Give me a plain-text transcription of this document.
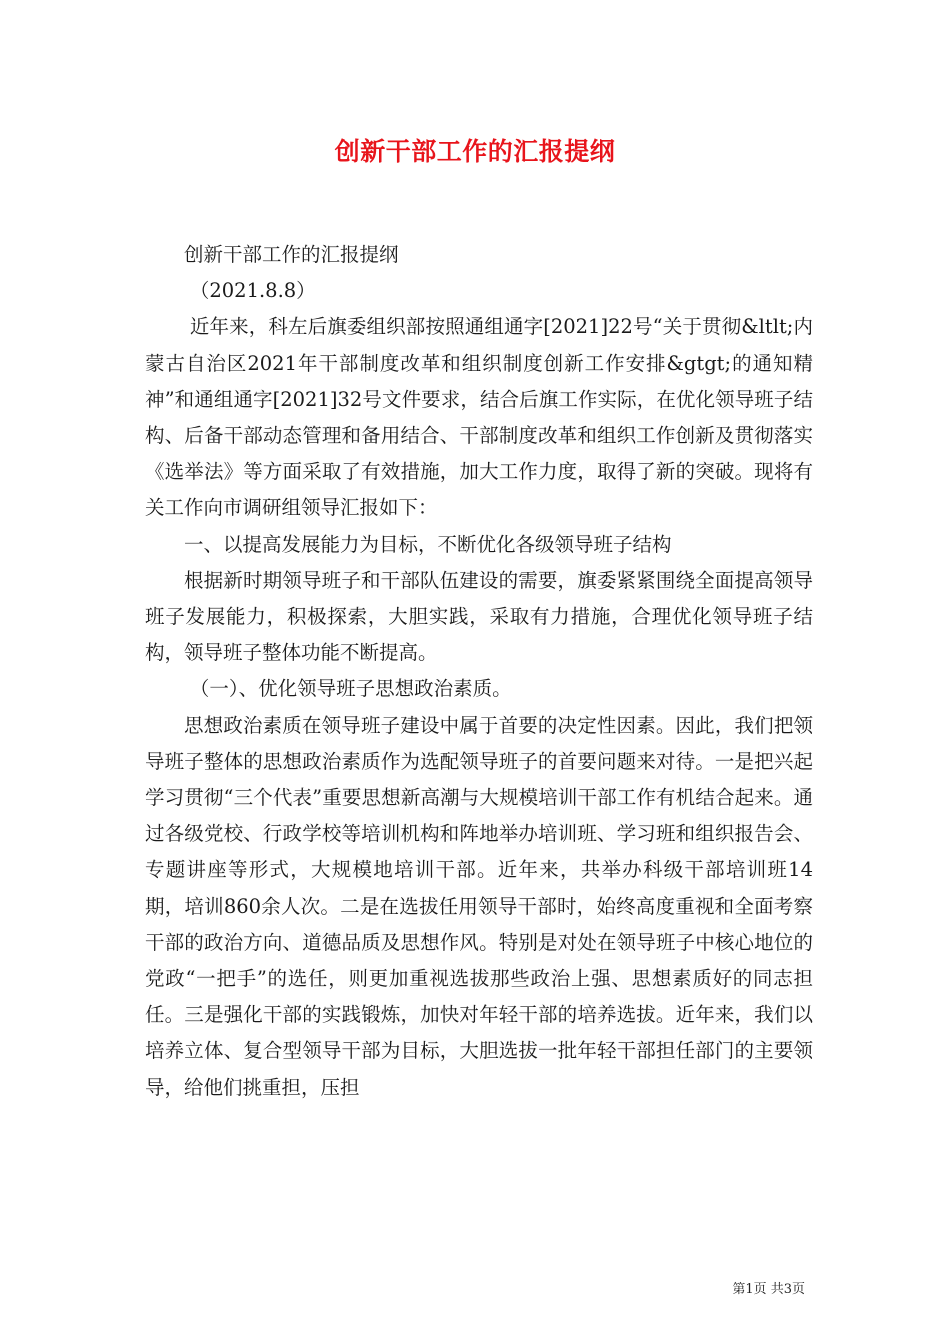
创新干部工作的汇报提纲

创新干部工作的汇报提纲

（2021.8.8）

近年来，科左后旗委组织部按照通组通字[2021]22号“关于贯彻&ltlt;内蒙古自治区2021年干部制度改革和组织制度创新工作安排&gtgt;的通知精神”和通组通字[2021]32号文件要求，结合后旗工作实际，在优化领导班子结构、后备干部动态管理和备用结合、干部制度改革和组织工作创新及贯彻落实《选举法》等方面采取了有效措施，加大工作力度，取得了新的突破。现将有关工作向市调研组领导汇报如下：

一、以提高发展能力为目标，不断优化各级领导班子结构

根据新时期领导班子和干部队伍建设的需要，旗委紧紧围绕全面提高领导班子发展能力，积极探索，大胆实践，采取有力措施，合理优化领导班子结构，领导班子整体功能不断提高。

（一）、优化领导班子思想政治素质。

思想政治素质在领导班子建设中属于首要的决定性因素。因此，我们把领导班子整体的思想政治素质作为选配领导班子的首要问题来对待。一是把兴起学习贯彻“三个代表”重要思想新高潮与大规模培训干部工作有机结合起来。通过各级党校、行政学校等培训机构和阵地举办培训班、学习班和组织报告会、专题讲座等形式，大规模地培训干部。近年来，共举办科级干部培训班14期，培训860余人次。二是在选拔任用领导干部时，始终高度重视和全面考察干部的政治方向、道德品质及思想作风。特别是对处在领导班子中核心地位的党政“一把手”的选任，则更加重视选拔那些政治上强、思想素质好的同志担任。三是强化干部的实践锻炼，加快对年轻干部的培养选拔。近年来，我们以培养立体、复合型领导干部为目标，大胆选拔一批年轻干部担任部门的主要领导，给他们挑重担，压担

第1页 共3页
